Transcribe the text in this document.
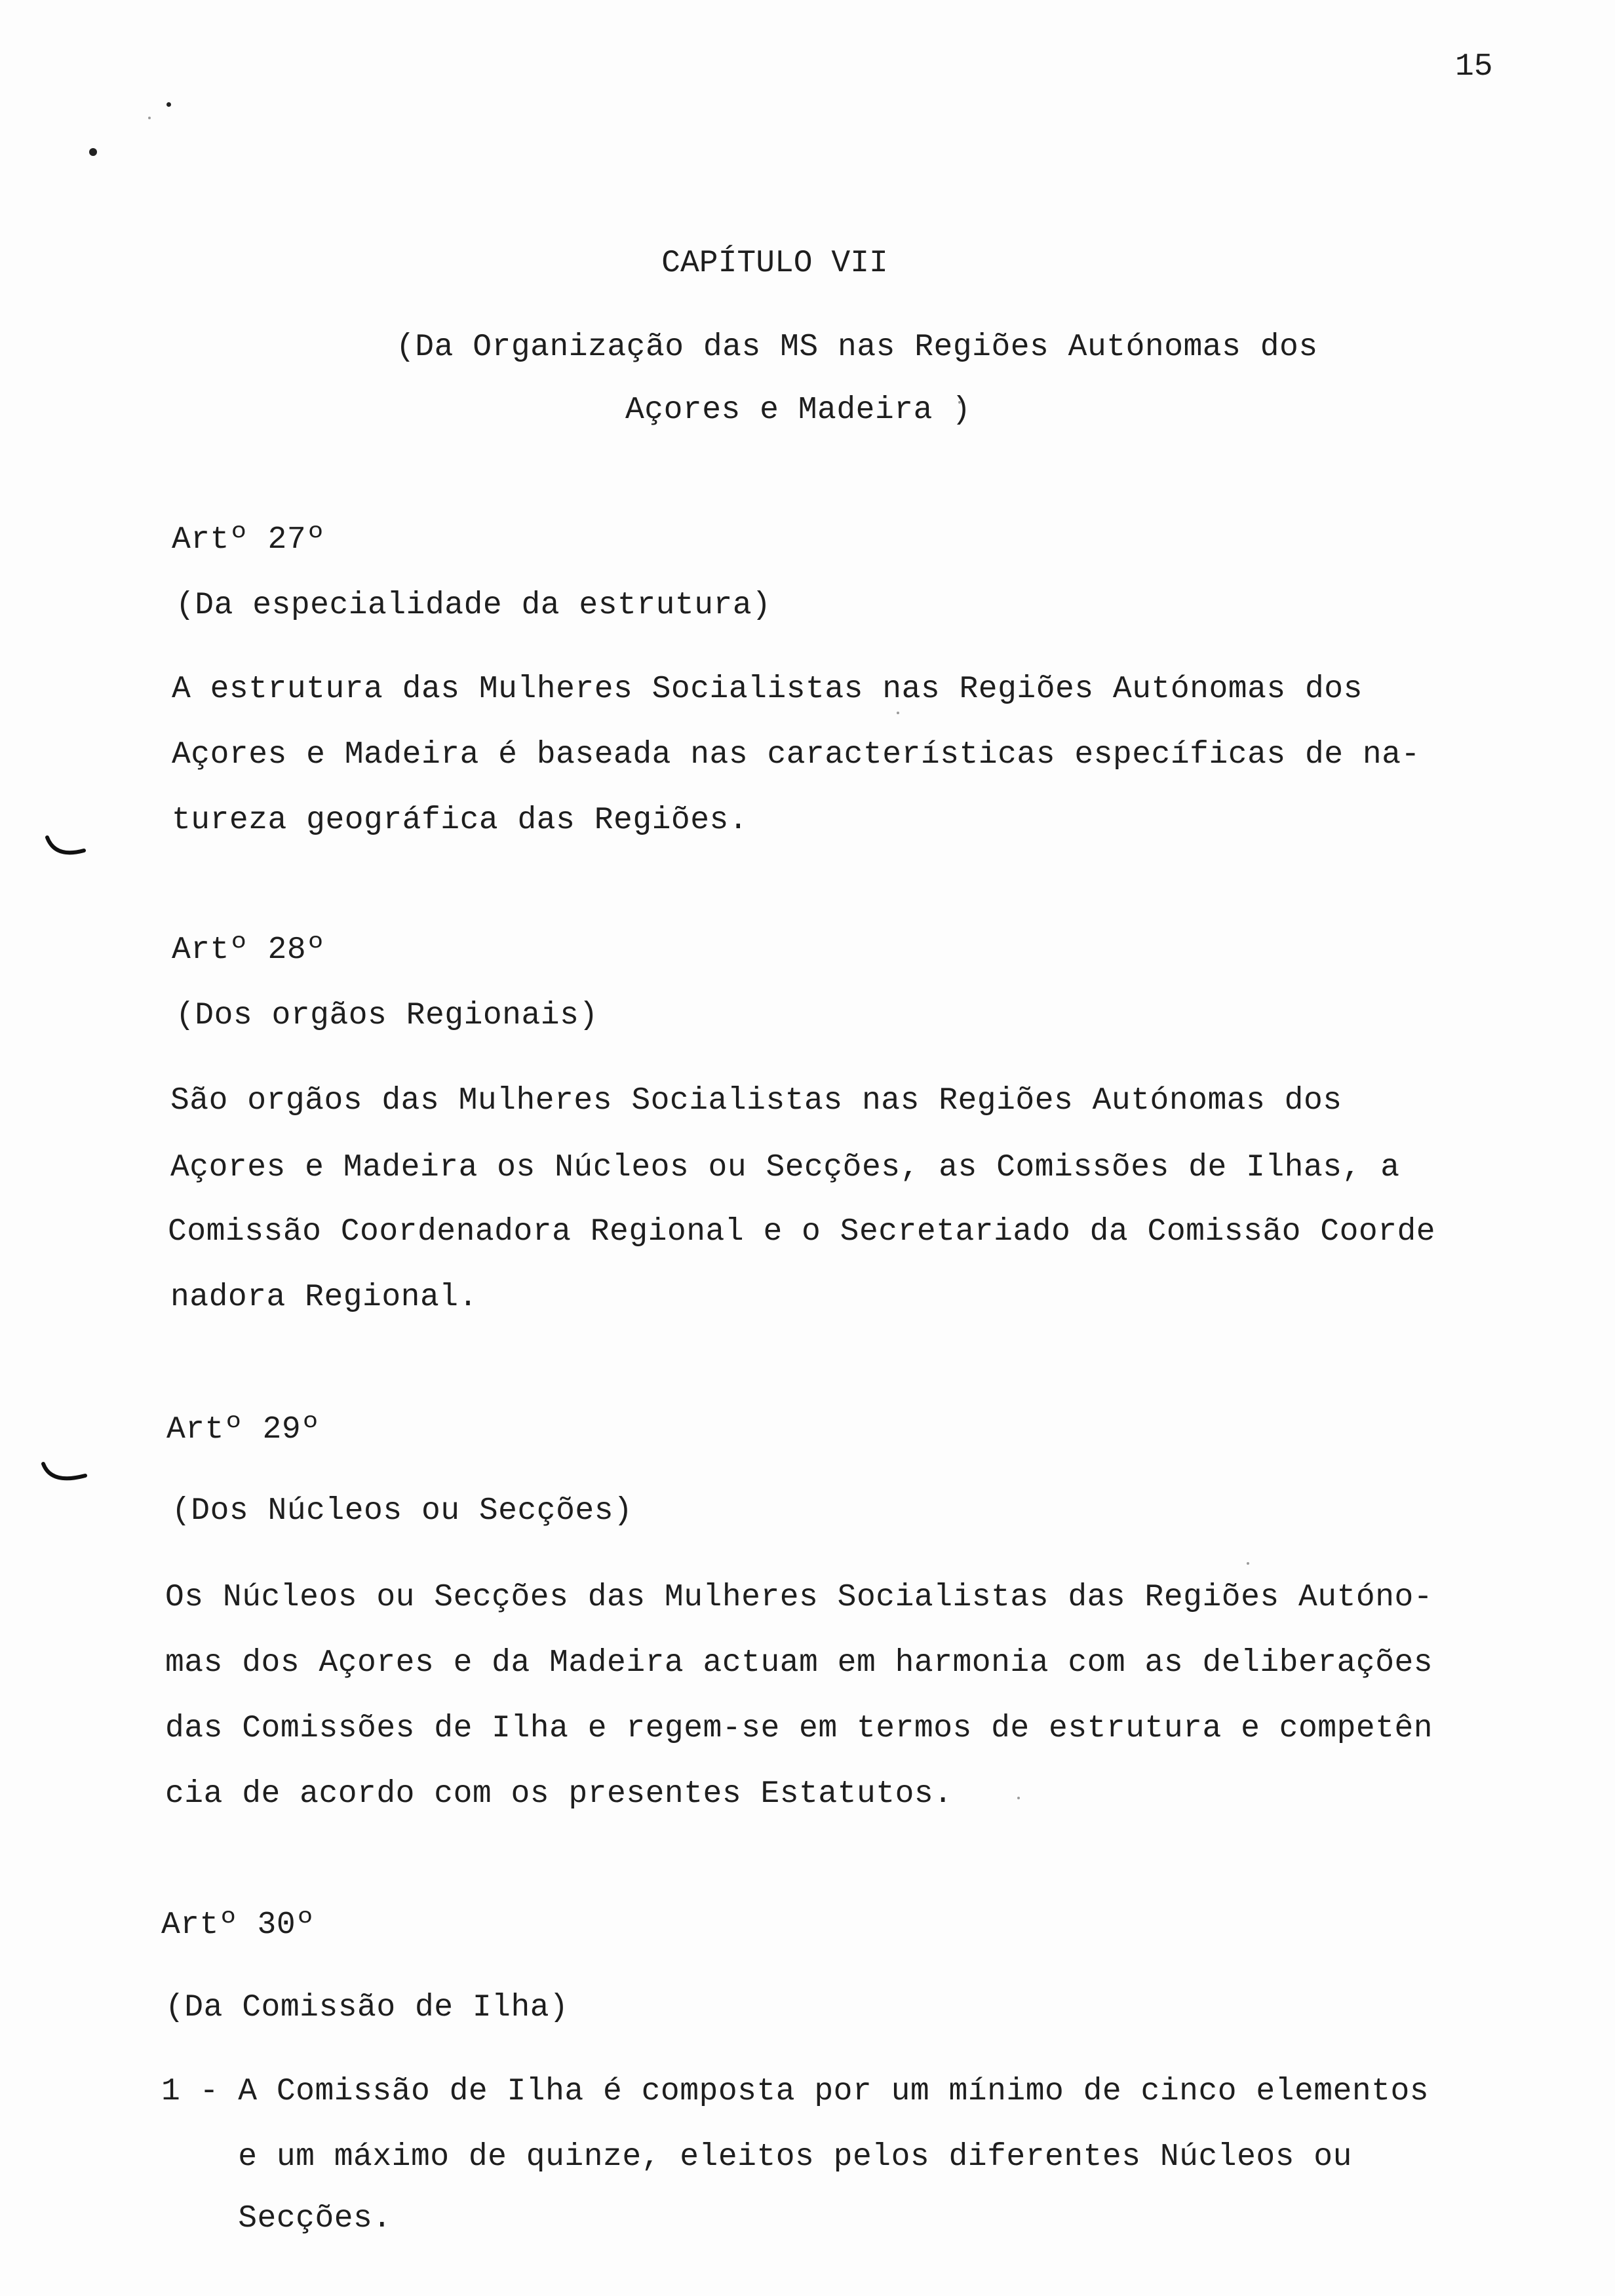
15
CAPÍTULO VII
(Da Organização das MS nas Regiões Autónomas dos
Açores e Madeira )
Artº 27º
(Da especialidade da estrutura)
A estrutura das Mulheres Socialistas nas Regiões Autónomas dos
Açores e Madeira é baseada nas características específicas de na-
tureza geográfica das Regiões.
Artº 28º
(Dos orgãos Regionais)
São orgãos das Mulheres Socialistas nas Regiões Autónomas dos
Açores e Madeira os Núcleos ou Secções, as Comissões de Ilhas, a
Comissão Coordenadora Regional e o Secretariado da Comissão Coorde
nadora Regional.
Artº 29º
(Dos Núcleos ou Secções)
Os Núcleos ou Secções das Mulheres Socialistas das Regiões Autóno-
mas dos Açores e da Madeira actuam em harmonia com as deliberações
das Comissões de Ilha e regem-se em termos de estrutura e competên
cia de acordo com os presentes Estatutos.
Artº 30º
(Da Comissão de Ilha)
1 - A Comissão de Ilha é composta por um mínimo de cinco elementos
e um máximo de quinze, eleitos pelos diferentes Núcleos ou
Secções.
